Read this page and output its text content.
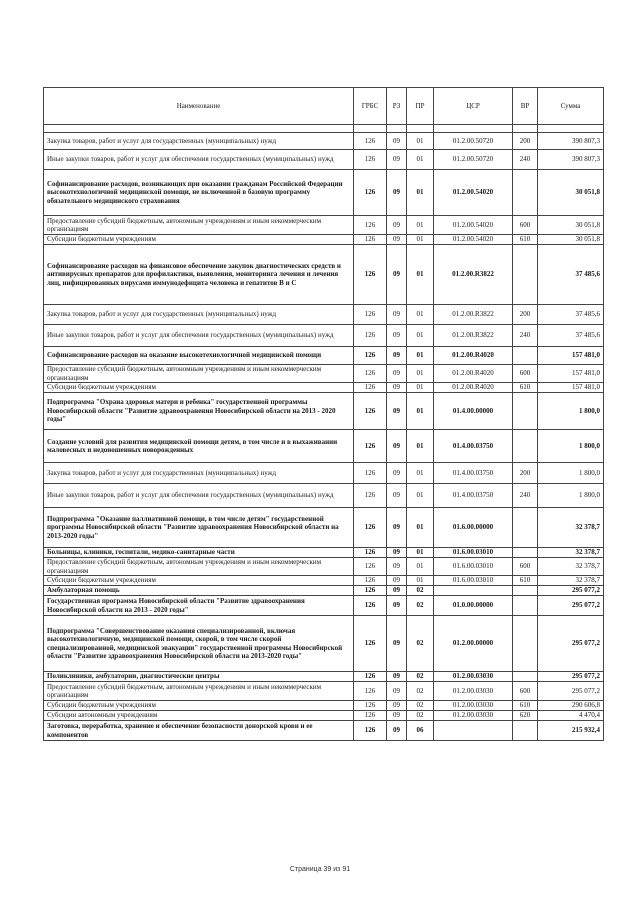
Наименование	ГРБС	РЗ	ПР	ЦСР	ВР	Сумма

Закупка товаров, работ и услуг для государственных (муниципальных) нужд	126	09	01	01.2.00.50720	200	390 807,3
Иные закупки товаров, работ и услуг для обеспечения государственных (муниципальных) нужд	126	09	01	01.2.00.50720	240	390 807,3
Софинансирование расходов, возникающих при оказании гражданам Российской Федерации высокотехнологичной медицинской помощи, не включенной в базовую программу обязательного медицинского страхования	126	09	01	01.2.00.54020		30 051,8
Предоставление субсидий бюджетным, автономным учреждениям и иным некоммерческим организациям	126	09	01	01.2.00.54020	600	30 051,8
Субсидии бюджетным учреждениям	126	09	01	01.2.00.54020	610	30 051,8
Софинансирование расходов на финансовое обеспечение закупок диагностических средств и антивирусных препаратов для профилактики, выявления, мониторинга лечения и лечения лиц, инфицированных вирусами иммунодефицита человека и гепатитов В и С	126	09	01	01.2.00.R3822		37 485,6
Закупка товаров, работ и услуг для государственных (муниципальных) нужд	126	09	01	01.2.00.R3822	200	37 485,6
Иные закупки товаров, работ и услуг для обеспечения государственных (муниципальных) нужд	126	09	01	01.2.00.R3822	240	37 485,6
Софинансирование расходов на оказание высокотехнологичной медицинской помощи	126	09	01	01.2.00.R4020		157 481,0
Предоставление субсидий бюджетным, автономным учреждениям и иным некоммерческим организациям	126	09	01	01.2.00.R4020	600	157 481,0
Субсидии бюджетным учреждениям	126	09	01	01.2.00.R4020	610	157 481,0
Подпрограмма "Охрана здоровья матери и ребенка" государственной программы Новосибирской области "Развитие здравоохранения Новосибирской области на 2013 - 2020 годы"	126	09	01	01.4.00.00000		1 800,0
Создание условий для развития медицинской помощи детям, в том числе и в выхаживании маловесных и недоношенных новорожденных	126	09	01	01.4.00.03750		1 800,0
Закупка товаров, работ и услуг для государственных (муниципальных) нужд	126	09	01	01.4.00.03750	200	1 800,0
Иные закупки товаров, работ и услуг для обеспечения государственных (муниципальных) нужд	126	09	01	01.4.00.03750	240	1 800,0
Подпрограмма "Оказание паллиативной помощи, в том числе детям" государственной программы Новосибирской области "Развитие здравоохранения Новосибирской области на 2013-2020 годы"	126	09	01	01.6.00.00000		32 378,7
Больницы, клиники, госпитали, медико-санитарные части	126	09	01	01.6.00.03010		32 378,7
Предоставление субсидий бюджетным, автономным учреждениям и иным некоммерческим организациям	126	09	01	01.6.00.03010	600	32 378,7
Субсидии бюджетным учреждениям	126	09	01	01.6.00.03010	610	32 378,7
Амбулаторная помощь	126	09	02			295 077,2
Государственная программа Новосибирской области "Развитие здравоохранения Новосибирской области на 2013 - 2020 годы"	126	09	02	01.0.00.00000		295 077,2
Подпрограмма "Совершенствование оказания специализированной, включая высокотехнологичную, медицинской помощи, скорой, в том числе скорой специализированной, медицинской эвакуации" государственной программы Новосибирской области "Развитие здравоохранения Новосибирской области на 2013-2020 годы"	126	09	02	01.2.00.00000		295 077,2
Поликлиники, амбулатории, диагностические центры	126	09	02	01.2.00.03030		295 077,2
Предоставление субсидий бюджетным, автономным учреждениям и иным некоммерческим организациям	126	09	02	01.2.00.03030	600	295 077,2
Субсидии бюджетным учреждениям	126	09	02	01.2.00.03030	610	290 606,8
Субсидии автономным учреждениям	126	09	02	01.2.00.03030	620	4 470,4
Заготовка, переработка, хранение и обеспечение безопасности донорской крови и ее компонентов	126	09	06			215 932,4
Страница 39 из 91
